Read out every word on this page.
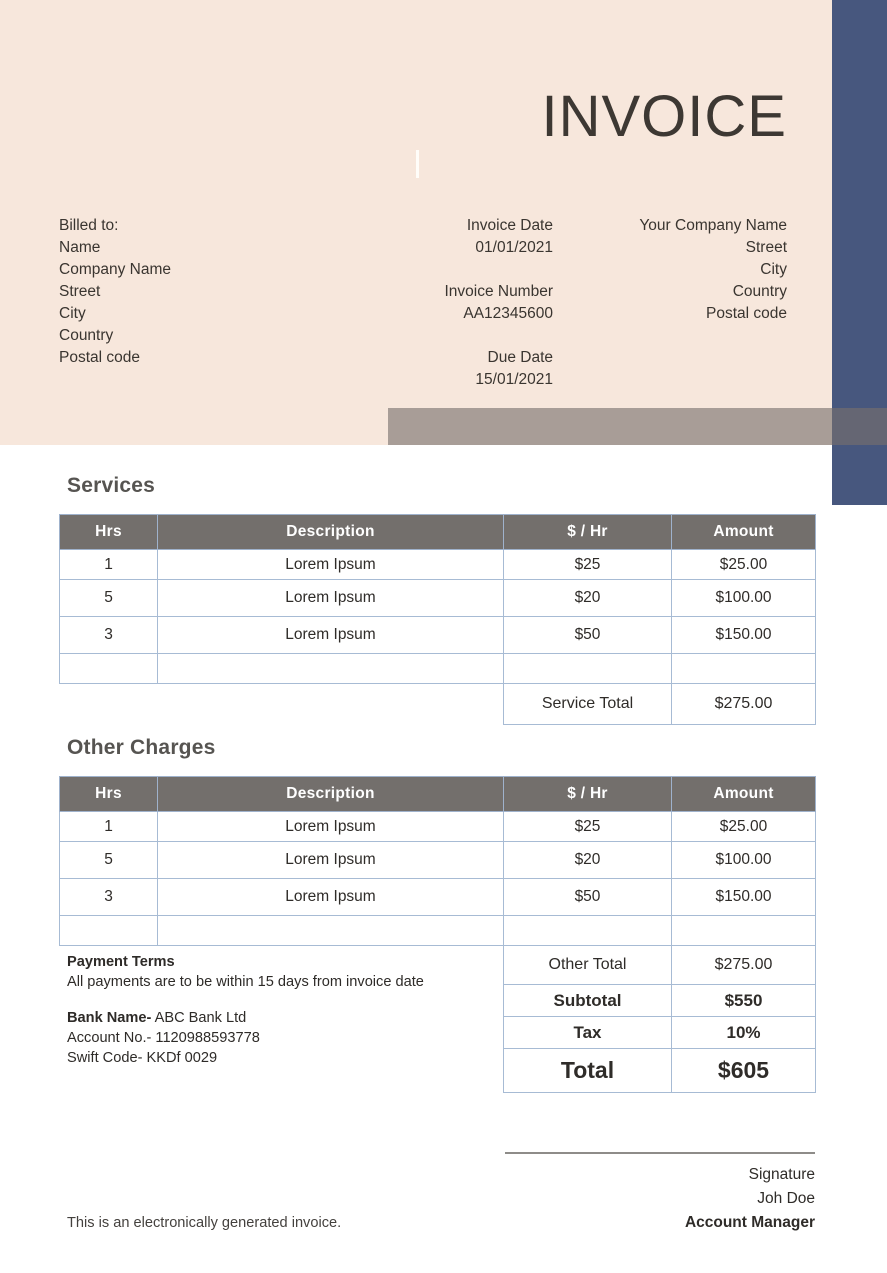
INVOICE
Billed to:
Name
Company Name
Street
City
Country
Postal code
Invoice Date
01/01/2021
Invoice Number
AA12345600
Due Date
15/01/2021
Your Company Name
Street
City
Country
Postal code
Services
Hrs	Description	$ / Hr	Amount
1	Lorem Ipsum	$25	$25.00
5	Lorem Ipsum	$20	$100.00
3	Lorem Ipsum	$50	$150.00

		Service Total	$275.00
Other Charges
Hrs	Description	$ / Hr	Amount
1	Lorem Ipsum	$25	$25.00
5	Lorem Ipsum	$20	$100.00
3	Lorem Ipsum	$50	$150.00

Payment Terms
All payments are to be within 15 days from invoice date
Bank Name- ABC Bank Ltd
Account No.- 1120988593778
Swift Code- KKDf 0029
Other Total	$275.00
Subtotal	$550
Tax	10%
Total	$605
Signature
Joh Doe
Account Manager
This is an electronically generated invoice.
